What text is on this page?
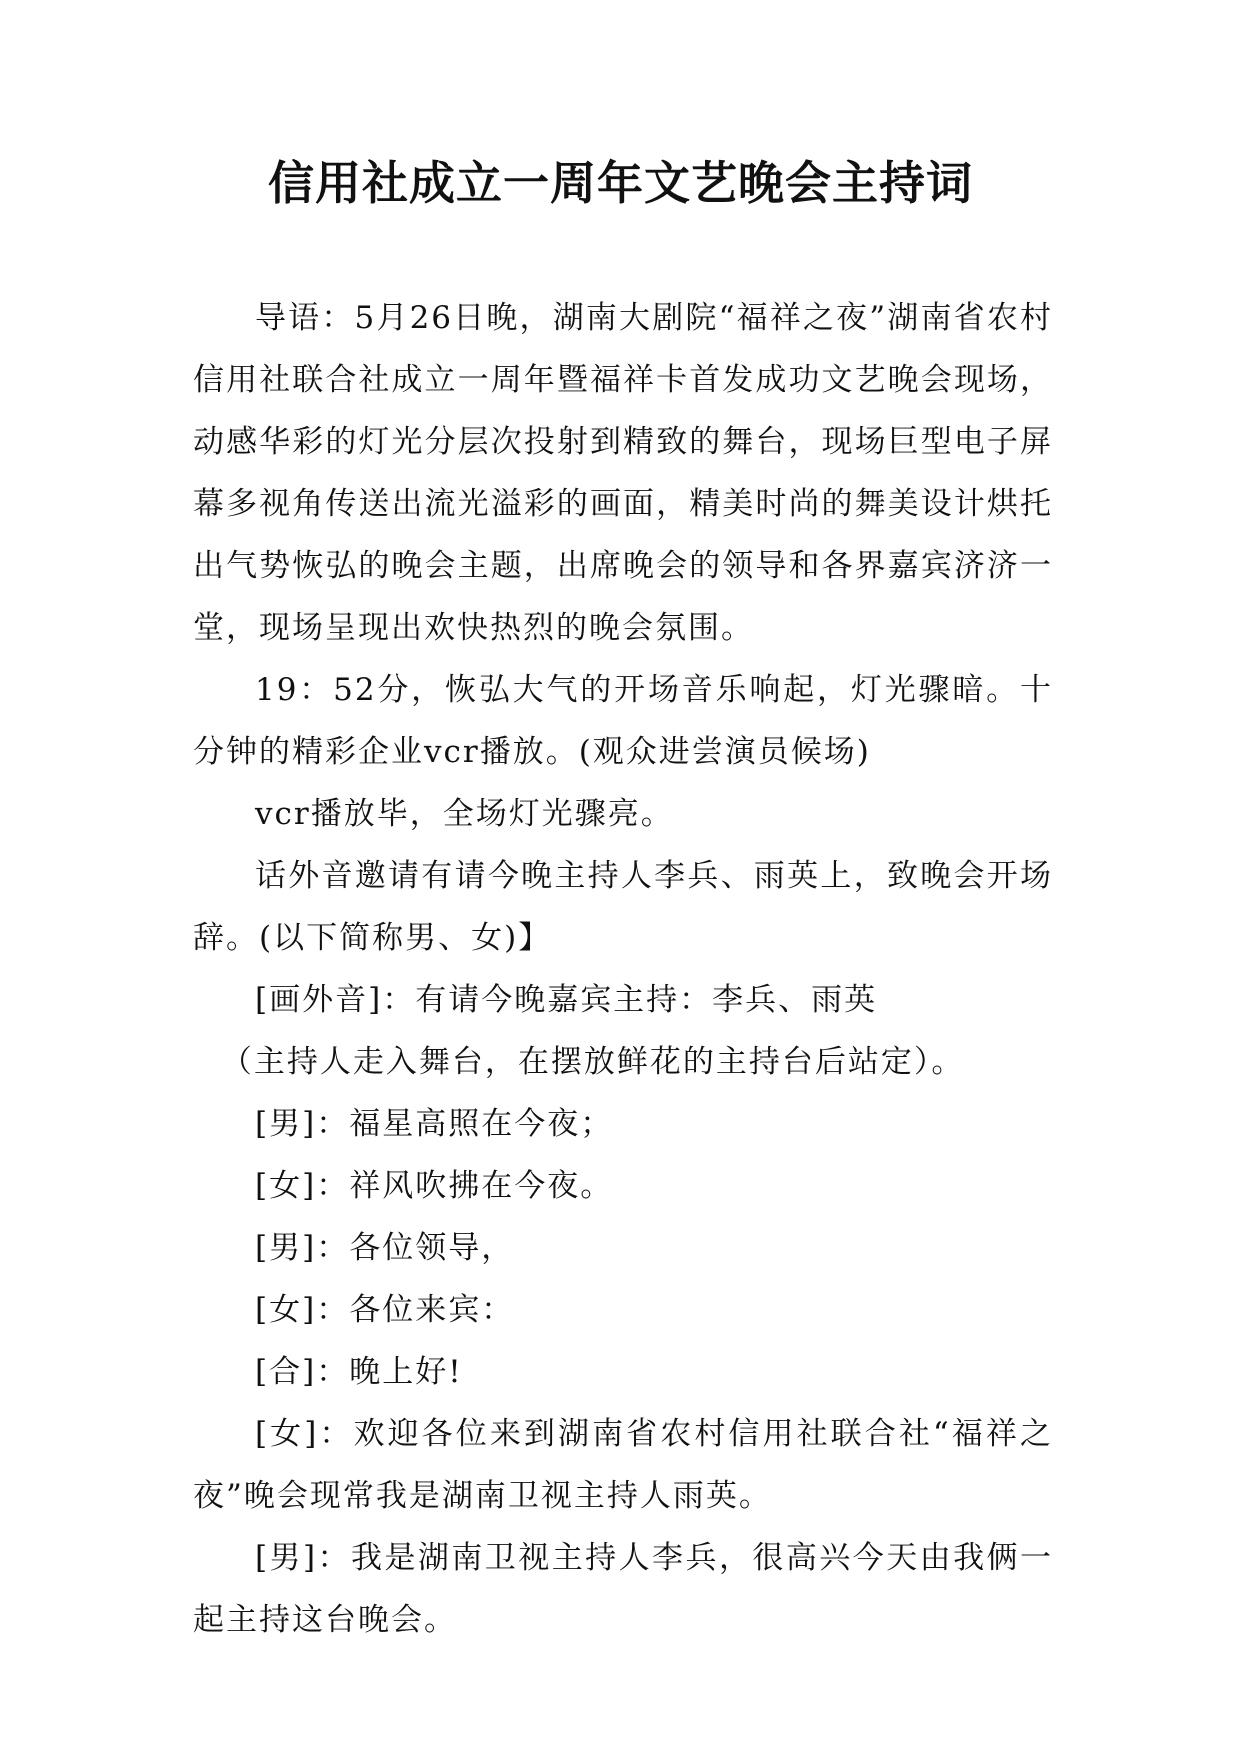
信用社成立一周年文艺晚会主持词

导语：5月26日晚，湖南大剧院“福祥之夜”湖南省农村信用社联合社成立一周年暨福祥卡首发成功文艺晚会现场，动感华彩的灯光分层次投射到精致的舞台，现场巨型电子屏幕多视角传送出流光溢彩的画面，精美时尚的舞美设计烘托出气势恢弘的晚会主题，出席晚会的领导和各界嘉宾济济一堂，现场呈现出欢快热烈的晚会氛围。

19：52分，恢弘大气的开场音乐响起，灯光骤暗。十分钟的精彩企业vcr播放。(观众进尝演员候场)

vcr播放毕，全场灯光骤亮。

话外音邀请有请今晚主持人李兵、雨英上，致晚会开场辞。(以下简称男、女)】

[画外音]：有请今晚嘉宾主持：李兵、雨英

（主持人走入舞台，在摆放鲜花的主持台后站定）。

[男]：福星高照在今夜；

[女]：祥风吹拂在今夜。

[男]：各位领导，

[女]：各位来宾：

[合]：晚上好!

[女]：欢迎各位来到湖南省农村信用社联合社“福祥之夜”晚会现常我是湖南卫视主持人雨英。

[男]：我是湖南卫视主持人李兵，很高兴今天由我俩一起主持这台晚会。
